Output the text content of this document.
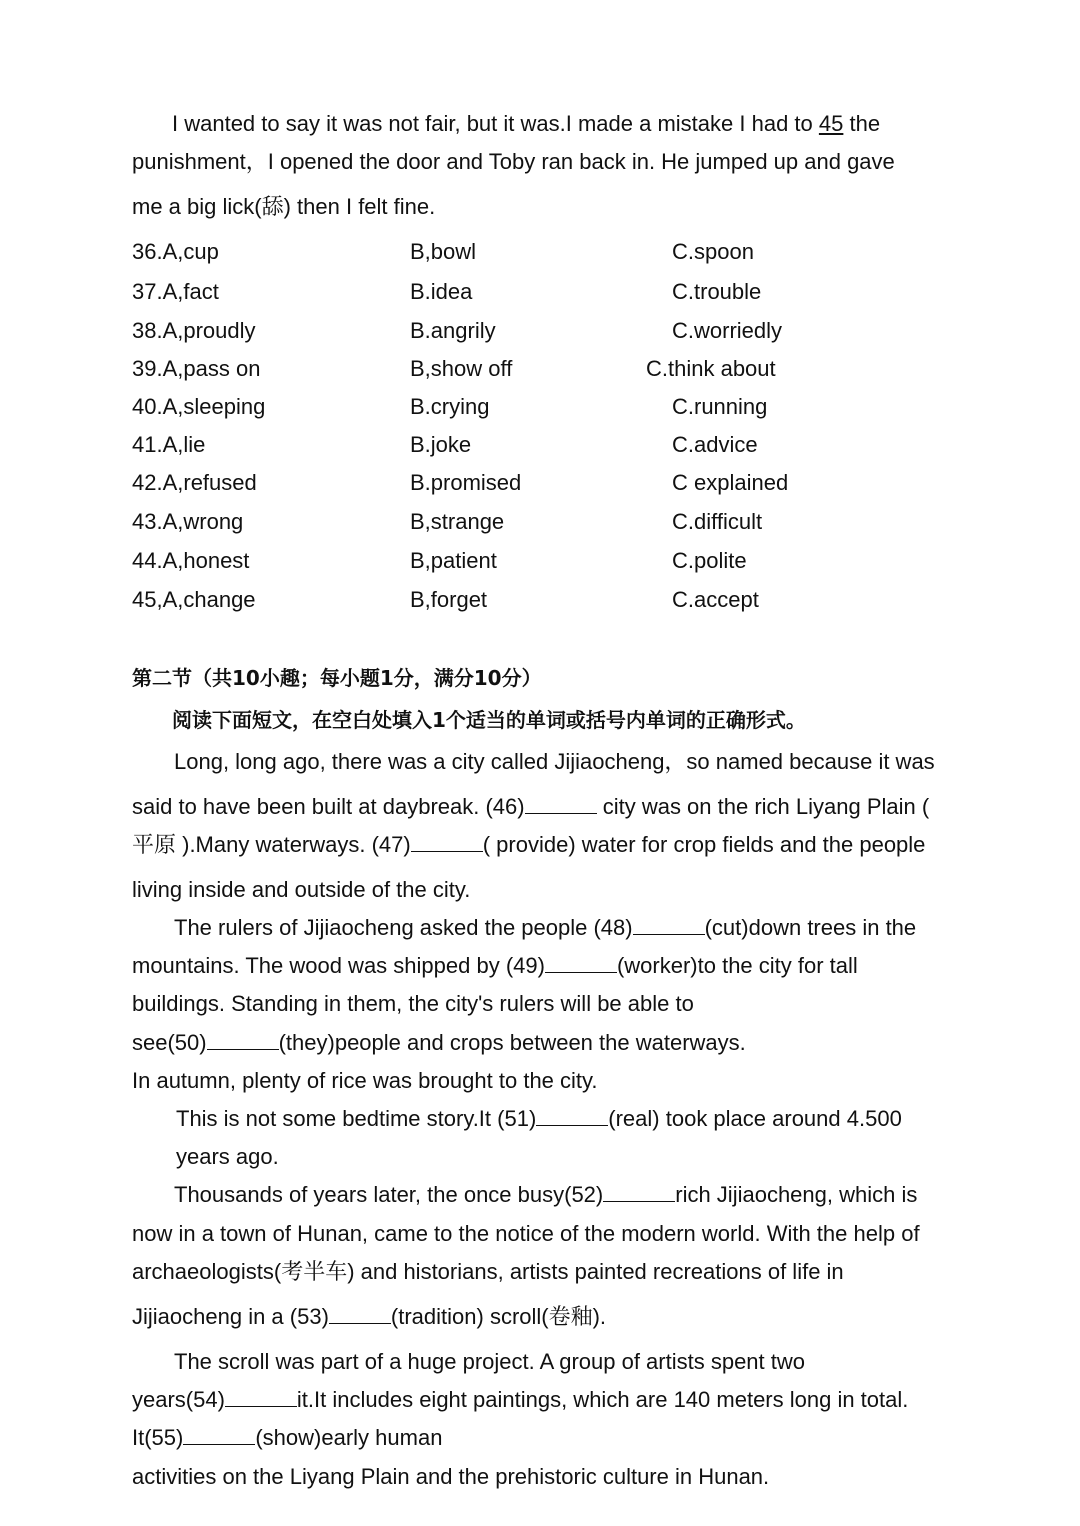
I wanted to say it was not fair, but it was.I made a mistake I had to 45 the
punishment，I opened the door and Toby ran back in. He jumped up and gave
me a big lick(舔) then I felt fine.
36.A,cup	B,bowl	C.spoon
37.A,fact	B.idea	C.trouble
38.A,proudly	B.angrily	C.worriedly
39.A,pass on	B,show off	C.think about
40.A,sleeping	B.crying	C.running
41.A,lie	B.joke	C.advice
42.A,refused	B.promised	C explained
43.A,wrong	B,strange	C.difficult
44.A,honest	B,patient	C.polite
45,A,change	B,forget	C.accept
第二节（共10小趣；每小题1分，满分10分）
阅读下面短文，在空白处填入1个适当的单词或括号内单词的正确形式。
Long, long ago, there was a city called Jijiaocheng，so named because it was
said to have been built at daybreak. (46)	city was on the rich Liyang Plain (
平原 ).Many waterways. (47)	( provide) water for crop fields and the people
living inside and outside of the city.
The rulers of Jijiaocheng asked the people (48)	(cut)down trees in the
mountains. The wood was shipped by (49)	(worker)to the city for tall
buildings. Standing in them, the city's rulers will be able to
see(50)	(they)people and crops between the waterways.
In autumn, plenty of rice was brought to the city.
This is not some bedtime story.It (51)	(real) took place around 4.500
years ago.
Thousands of years later, the once busy(52)	rich Jijiaocheng, which is
now in a town of Hunan, came to the notice of the modern world. With the help of
archaeologists(考半车) and historians, artists painted recreations of life in
Jijiaocheng in a (53)	(tradition) scroll(卷釉).
The scroll was part of a huge project. A group of artists spent two
years(54)	it.It includes eight paintings, which are 140 meters long in total.
It(55)	(show)early human
activities on the Liyang Plain and the prehistoric culture in Hunan.
